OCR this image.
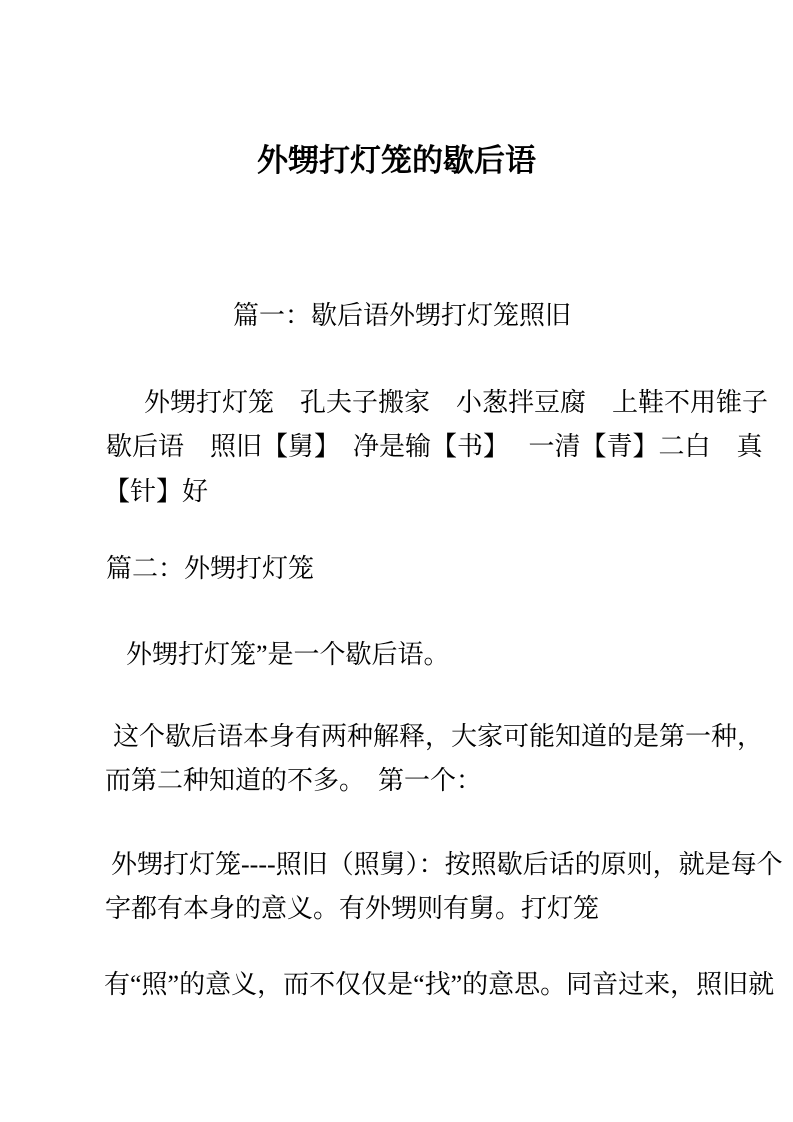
外甥打灯笼的歇后语
篇一：歇后语外甥打灯笼照旧
外甥打灯笼　孔夫子搬家　小葱拌豆腐　上鞋不用锥子
歇后语　照旧【舅】　净是输【书】　 一清【青】二白　真
【针】好
篇二：外甥打灯笼
外甥打灯笼”是一个歇后语。
这个歇后语本身有两种解释，大家可能知道的是第一种，
而第二种知道的不多。　第一个：
外甥打灯笼----照旧（照舅）：按照歇后话的原则，就是每个
字都有本身的意义。有外甥则有舅。打灯笼
有“照”的意义，而不仅仅是“找”的意思。同音过来，照旧就
